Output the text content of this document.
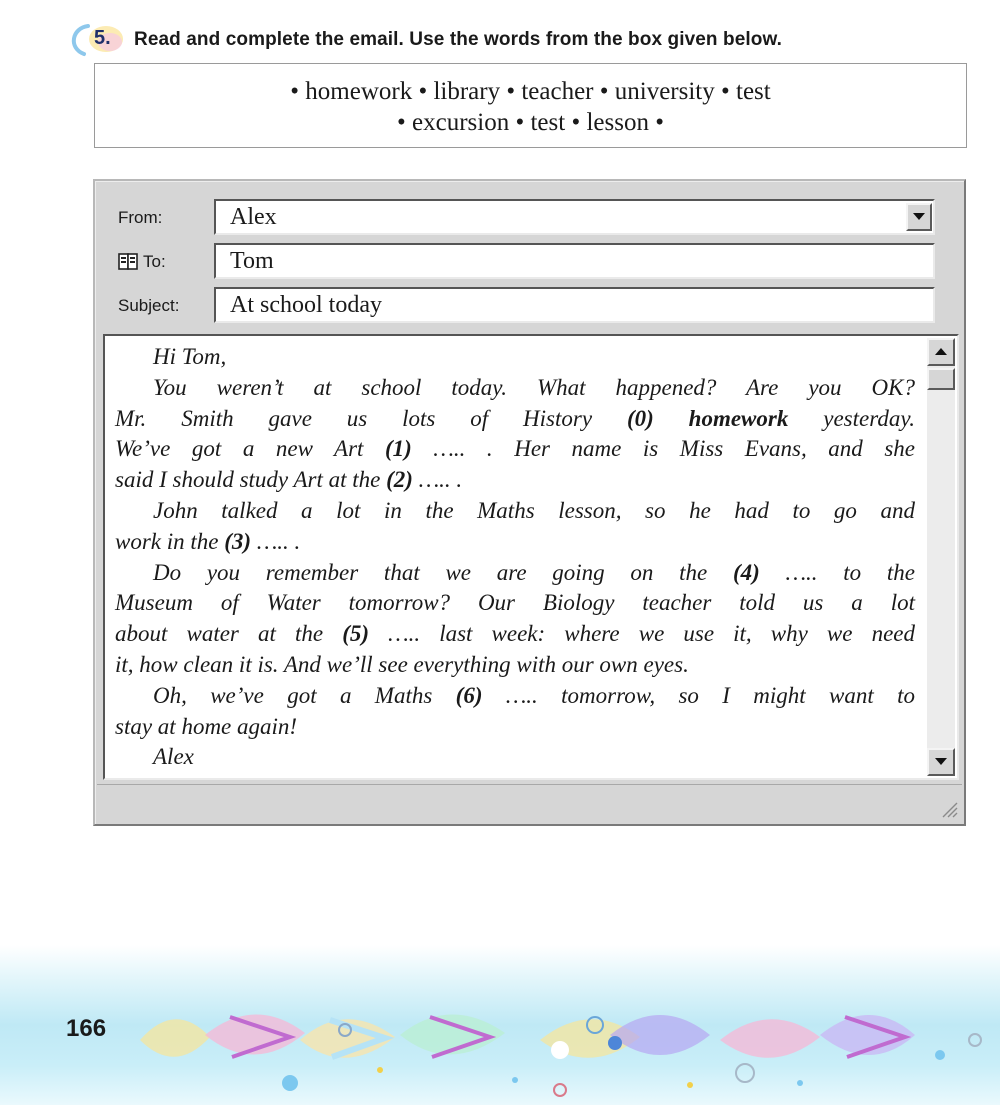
5. Read and complete the email. Use the words from the box given below.
• homework • library • teacher • university • test
• excursion • test • lesson •
From:	Alex
To:	Tom
Subject:	At school today

Hi Tom,

You weren’t at school today. What happened? Are you OK?

Mr. Smith gave us lots of History (0) homework yesterday.
We’ve got a new Art (1) ….. . Her name is Miss Evans, and she
said I should study Art at the (2) ….. .

John talked a lot in the Maths lesson, so he had to go and

work in the (3) ….. .

Do you remember that we are going on the (4) ….. to the

Museum of Water tomorrow? Our Biology teacher told us a lot
about water at the (5) ….. last week: where we use it, why we need
it, how clean it is. And we’ll see everything with our own eyes.

Oh, we’ve got a Maths (6) ….. tomorrow, so I might want to

stay at home again!

Alex

166
